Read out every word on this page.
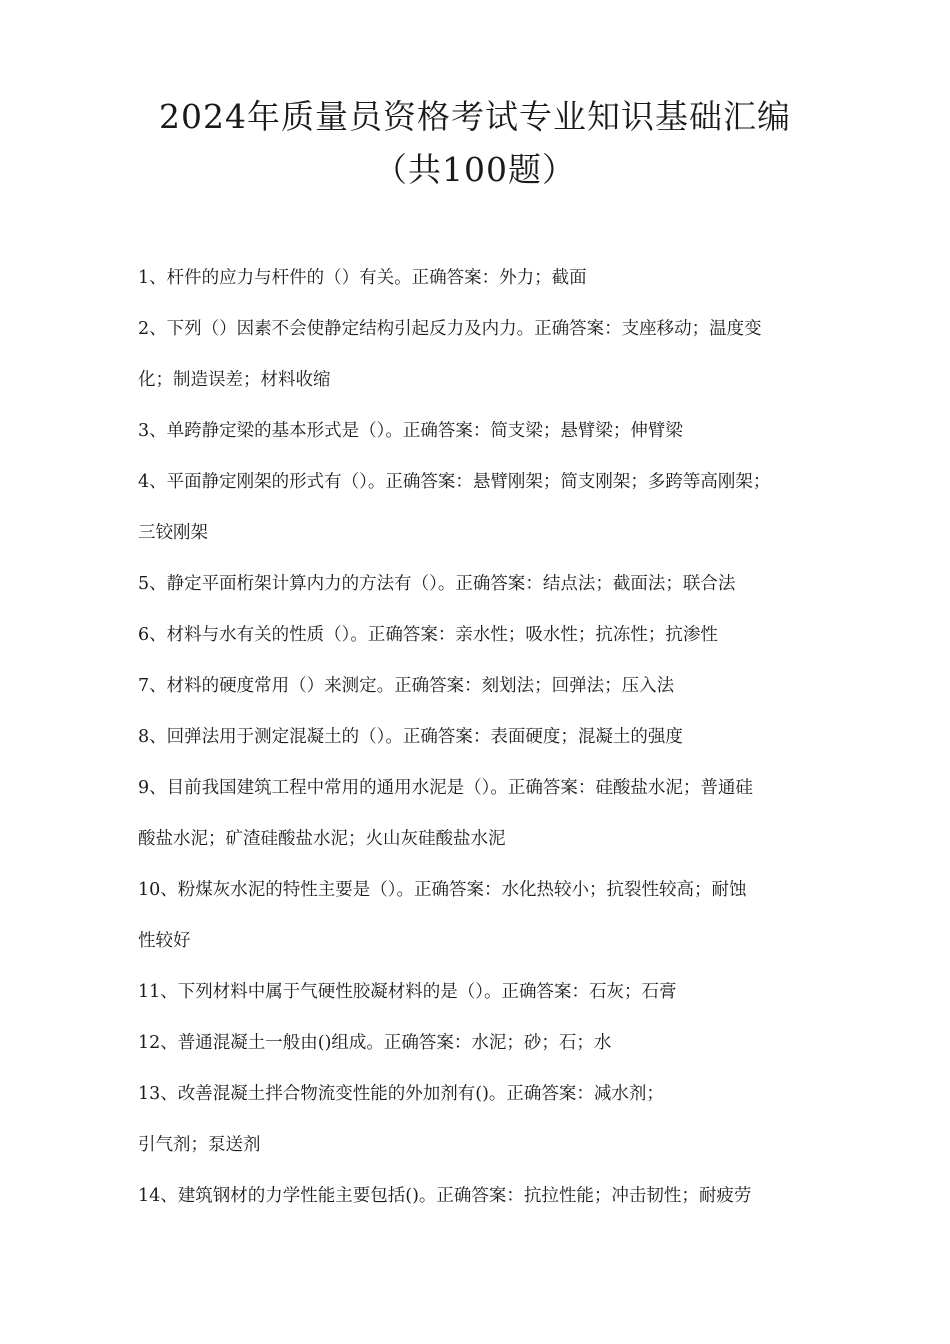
2024年质量员资格考试专业知识基础汇编
（共100题）
1、杆件的应力与杆件的（）有关。正确答案：外力；截面
2、下列（）因素不会使静定结构引起反力及内力。正确答案：支座移动；温度变
化；制造误差；材料收缩
3、单跨静定梁的基本形式是（）。正确答案：简支梁；悬臂梁；伸臂梁
4、平面静定刚架的形式有（）。正确答案：悬臂刚架；简支刚架；多跨等高刚架；
三铰刚架
5、静定平面桁架计算内力的方法有（）。正确答案：结点法；截面法；联合法
6、材料与水有关的性质（）。正确答案：亲水性；吸水性；抗冻性；抗渗性
7、材料的硬度常用（）来测定。正确答案：刻划法；回弹法；压入法
8、回弹法用于测定混凝土的（）。正确答案：表面硬度；混凝土的强度
9、目前我国建筑工程中常用的通用水泥是（）。正确答案：硅酸盐水泥；普通硅
酸盐水泥；矿渣硅酸盐水泥；火山灰硅酸盐水泥
10、粉煤灰水泥的特性主要是（）。正确答案：水化热较小；抗裂性较高；耐蚀
性较好
11、下列材料中属于气硬性胶凝材料的是（）。正确答案：石灰；石膏
12、普通混凝土一般由()组成。正确答案：水泥；砂；石；水
13、改善混凝土拌合物流变性能的外加剂有()。正确答案：减水剂；
引气剂；泵送剂
14、建筑钢材的力学性能主要包括()。正确答案：抗拉性能；冲击韧性；耐疲劳
